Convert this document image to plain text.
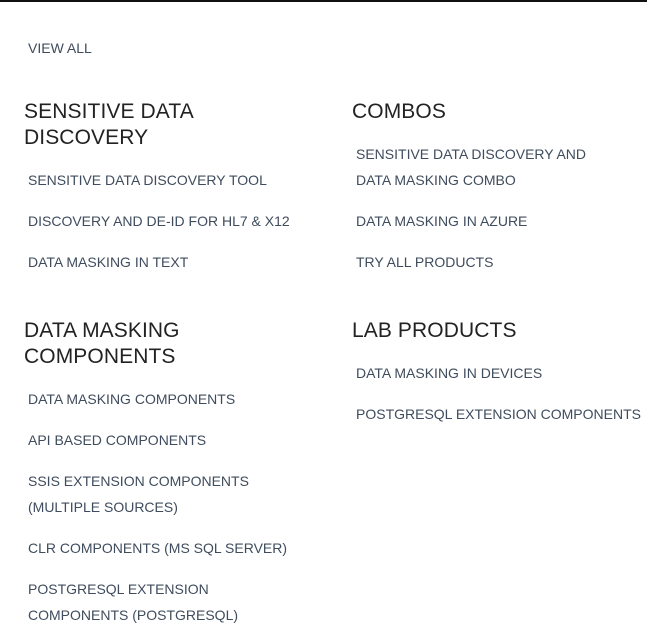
VIEW ALL
SENSITIVE DATA DISCOVERY
SENSITIVE DATA DISCOVERY TOOL
DISCOVERY AND DE-ID FOR HL7 & X12
DATA MASKING IN TEXT
COMBOS
SENSITIVE DATA DISCOVERY AND DATA MASKING COMBO
DATA MASKING IN AZURE
TRY ALL PRODUCTS
DATA MASKING COMPONENTS
DATA MASKING COMPONENTS
API BASED COMPONENTS
SSIS EXTENSION COMPONENTS (MULTIPLE SOURCES)
CLR COMPONENTS (MS SQL SERVER)
POSTGRESQL EXTENSION COMPONENTS (POSTGRESQL)
LAB PRODUCTS
DATA MASKING IN DEVICES
POSTGRESQL EXTENSION COMPONENTS
